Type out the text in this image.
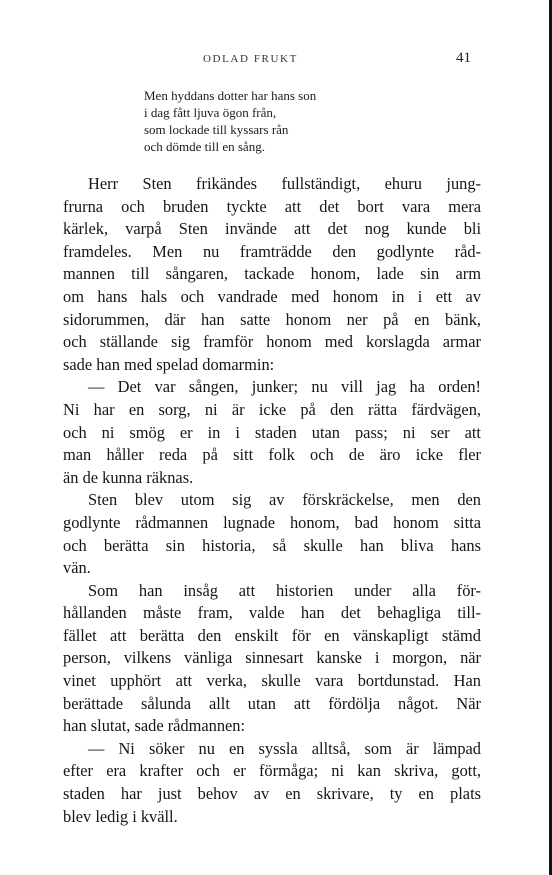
ODLAD FRUKT	41
Men hyddans dotter har hans son
i dag fått ljuva ögon från,
som lockade till kyssars rån
och dömde till en sång.
Herr Sten frikändes fullständigt, ehuru jung-
frurna och bruden tyckte att det bort vara mera
kärlek, varpå Sten invände att det nog kunde bli
framdeles. Men nu framträdde den godlynte råd-
mannen till sångaren, tackade honom, lade sin arm
om hans hals och vandrade med honom in i ett av
sidorummen, där han satte honom ner på en bänk,
och ställande sig framför honom med korslagda armar
sade han med spelad domarmin:
— Det var sången, junker; nu vill jag ha orden!
Ni har en sorg, ni är icke på den rätta färdvägen,
och ni smög er in i staden utan pass; ni ser att
man håller reda på sitt folk och de äro icke fler
än de kunna räknas.
Sten blev utom sig av förskräckelse, men den
godlynte rådmannen lugnade honom, bad honom sitta
och berätta sin historia, så skulle han bliva hans
vän.
Som han insåg att historien under alla för-
hållanden måste fram, valde han det behagliga till-
fället att berätta den enskilt för en vänskapligt stämd
person, vilkens vänliga sinnesart kanske i morgon, när
vinet upphört att verka, skulle vara bortdunstad. Han
berättade sålunda allt utan att fördölja något. När
han slutat, sade rådmannen:
— Ni söker nu en syssla alltså, som är lämpad
efter era krafter och er förmåga; ni kan skriva, gott,
staden har just behov av en skrivare, ty en plats
blev ledig i kväll.
